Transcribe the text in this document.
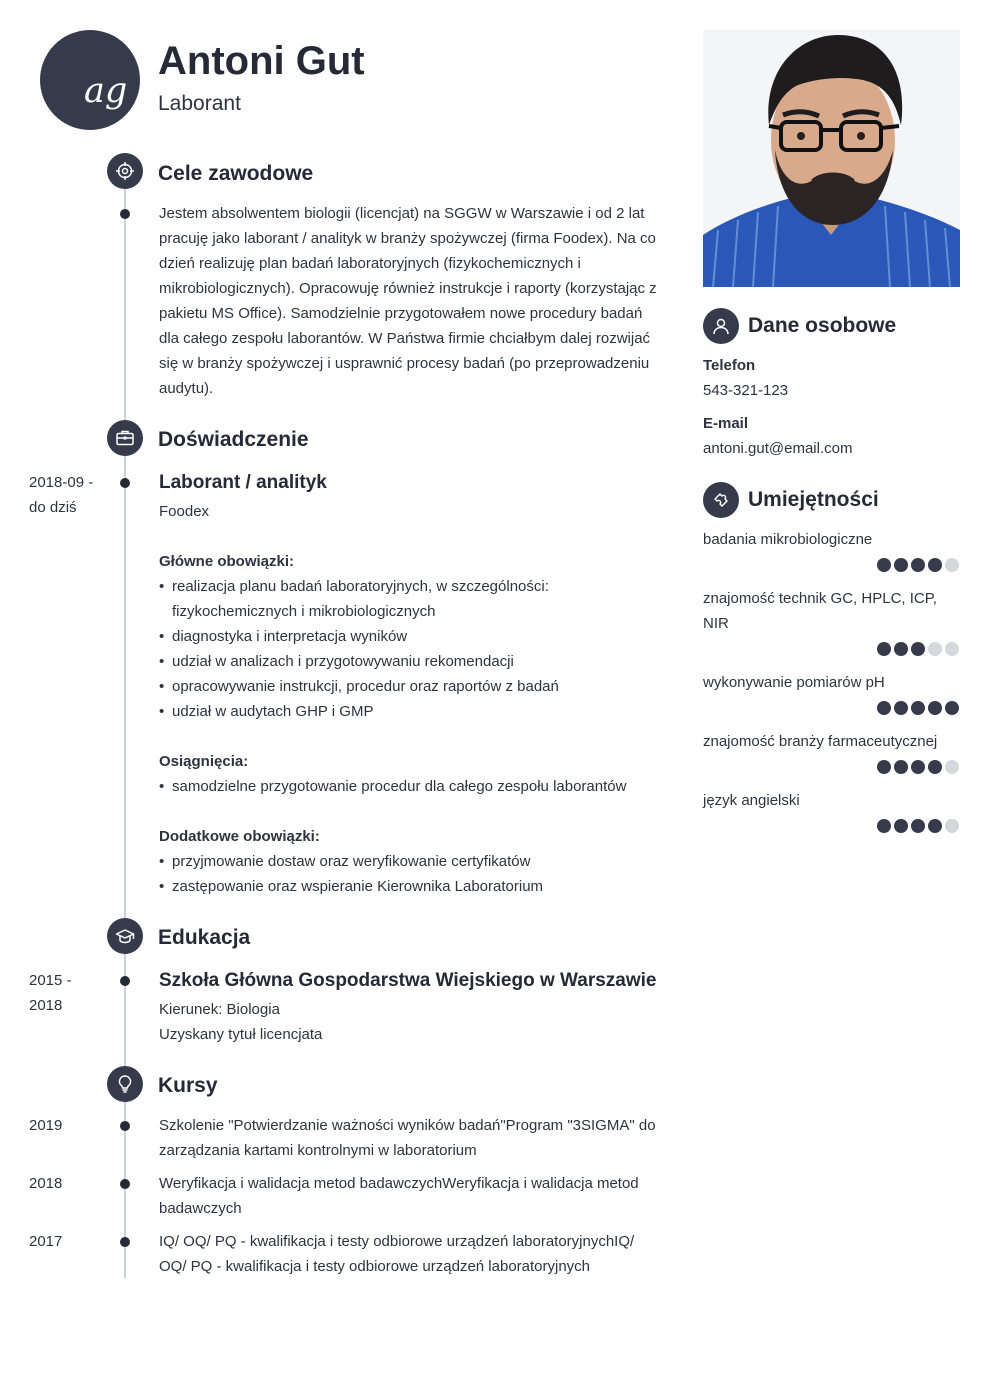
ag
Antoni Gut
Laborant
Cele zawodowe
Jestem absolwentem biologii (licencjat) na SGGW w Warszawie i od 2 lat pracuję jako laborant / analityk w branży spożywczej (firma Foodex). Na co dzień realizuję plan badań laboratoryjnych (fizykochemicznych i mikrobiologicznych). Opracowuję również instrukcje i raporty (korzystając z pakietu MS Office). Samodzielnie przygotowałem nowe procedury badań dla całego zespołu laborantów. W Państwa firmie chciałbym dalej rozwijać się w branży spożywczej i usprawnić procesy badań (po przeprowadzeniu audytu).
Doświadczenie
2018-09 -
do dziś
Laborant / analityk
Foodex
Główne obowiązki:
• realizacja planu badań laboratoryjnych, w szczególności: fizykochemicznych i mikrobiologicznych
• diagnostyka i interpretacja wyników
• udział w analizach i przygotowywaniu rekomendacji
• opracowywanie instrukcji, procedur oraz raportów z badań
• udział w audytach GHP i GMP
Osiągnięcia:
• samodzielne przygotowanie procedur dla całego zespołu laborantów
Dodatkowe obowiązki:
• przyjmowanie dostaw oraz weryfikowanie certyfikatów
• zastępowanie oraz wspieranie Kierownika Laboratorium
Edukacja
2015 -
2018
Szkoła Główna Gospodarstwa Wiejskiego w Warszawie
Kierunek: Biologia
Uzyskany tytuł licencjata
Kursy
2019	Szkolenie "Potwierdzanie ważności wyników badań"Program "3SIGMA" do zarządzania kartami kontrolnymi w laboratorium
2018	Weryfikacja i walidacja metod badawczychWeryfikacja i walidacja metod badawczych
2017	IQ/ OQ/ PQ - kwalifikacja i testy odbiorowe urządzeń laboratoryjnychIQ/ OQ/ PQ - kwalifikacja i testy odbiorowe urządzeń laboratoryjnych
Dane osobowe
Telefon
543-321-123
E-mail
antoni.gut@email.com
Umiejętności
badania mikrobiologiczne
znajomość technik GC, HPLC, ICP, NIR
wykonywanie pomiarów pH
znajomość branży farmaceutycznej
język angielski
